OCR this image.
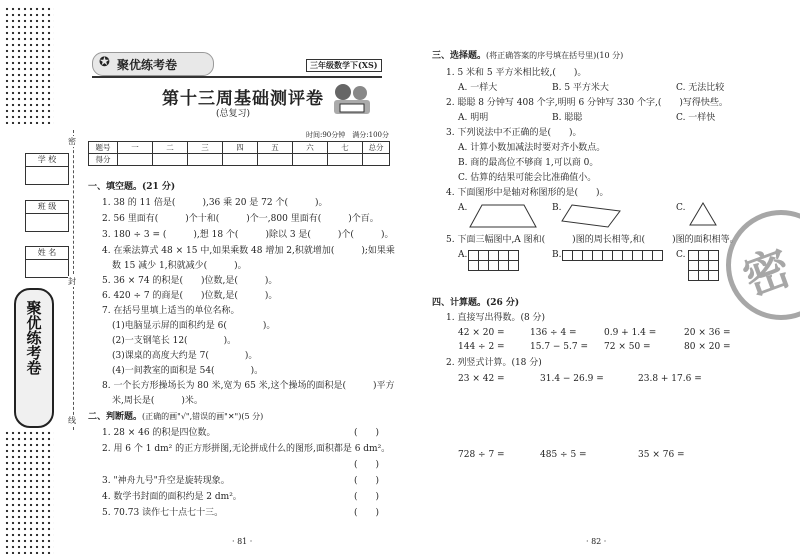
聚优练考卷
学 校
班 级
姓 名
密
封
线
✪ 聚优练考卷	三年级数学下(XS)
第十三周基础测评卷
(总复习)
时间:90分钟　满分:100分
题号	一	二	三	四	五	六	七	总分
得分								
一、填空题。(21 分)
1. 38 的 11 倍是(　　　),36 乘 20 是 72 个(　　　)。
2. 56 里面有(　　　)个十和(　　　)个一,800 里面有(　　　)个百。
3. 180 ÷ 3 = (　　　),想 18 个(　　　)除以 3 是(　　　)个(　　　)。
4. 在乘法算式 48 × 15 中,如果乘数 48 增加 2,积就增加(　　　);如果乘
数 15 减少 1,积就减少(　　　)。
5. 36 × 74 的积是(　　)位数,是(　　　)。
6. 420 ÷ 7 的商是(　　)位数,是(　　　)。
7. 在括号里填上适当的单位名称。
(1)电脑显示屏的面积约是 6(　　　　)。
(2)一支钢笔长 12(　　　　)。
(3)课桌的高度大约是 7(　　　　)。
(4)一间教室的面积是 54(　　　　)。
8. 一个长方形操场长为 80 米,宽为 65 米,这个操场的面积是(　　　)平方
米,周长是(　　　)米。
二、判断题。(正确的画"√",错误的画"✕")(5 分)
1. 28 × 46 的积是四位数。	(　　)
2. 用 6 个 1 dm² 的正方形拼图,无论拼成什么的图形,面积都是 6 dm²。
(　　)
3. "神舟九号"升空是旋转现象。	(　　)
4. 数学书封面的面积约是 2 dm²。	(　　)
5. 70.73 读作七十点七十三。	(　　)
· 81 ·
三、选择题。(将正确答案的序号填在括号里)(10 分)
1. 5 米和 5 平方米相比较,(　　)。
A. 一样大	B. 5 平方米大	C. 无法比较
2. 聪聪 8 分钟写 408 个字,明明 6 分钟写 330 个字,(　　)写得快些。
A. 明明	B. 聪聪	C. 一样快
3. 下列说法中不正确的是(　　)。
A. 计算小数加减法时要对齐小数点。
B. 商的最高位不够商 1,可以商 0。
C. 估算的结果可能会比准确值小。
4. 下面图形中是轴对称图形的是(　　)。
A.	B.	C.
5. 下面三幅图中,A 图和(　　　)图的周长相等,和(　　　)图的面积相等。
A.	B.	C.
四、计算题。(26 分)
1. 直接写出得数。(8 分)
42 × 20 =	136 ÷ 4 =	0.9 + 1.4 =	20 × 36 =
144 ÷ 2 =	15.7 − 5.7 = 72 × 50 =	80 × 20 =
2. 列竖式计算。(18 分)
23 × 42 =	31.4 − 26.9 =	23.8 + 17.6 =
728 ÷ 7 =	485 ÷ 5 =	35 × 76 =
密
· 82 ·
